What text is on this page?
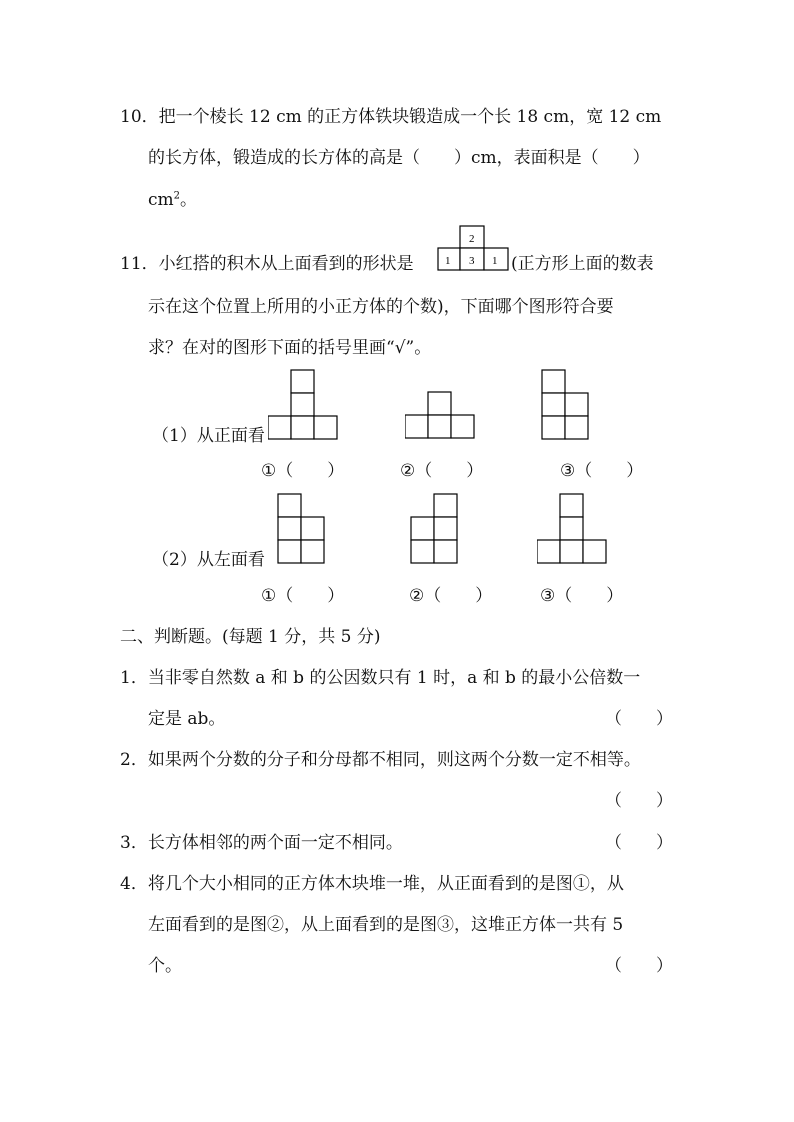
10．把一个棱长 12 cm 的正方体铁块锻造成一个长 18 cm，宽 12 cm
的长方体，锻造成的长方体的高是（　　）cm，表面积是（　　）
$cm^2$。
11．小红搭的积木从上面看到的形状是
2
1 3 1 (正方形上面的数表
示在这个位置上所用的小正方体的个数)，下面哪个图形符合要
求？在对的图形下面的括号里画“√”。
（1）从正面看
①（　　）	②（　　）	③（　　）
（2）从左面看
①（　　）	②（　　）	③（　　）
二、判断题。(每题 1 分，共 5 分)
1．当非零自然数 a 和 b 的公因数只有 1 时，a 和 b 的最小公倍数一
定是 ab。	（　　）
2．如果两个分数的分子和分母都不相同，则这两个分数一定不相等。
（　　）
3．长方体相邻的两个面一定不相同。	（　　）
4．将几个大小相同的正方体木块堆一堆，从正面看到的是图①，从
左面看到的是图②，从上面看到的是图③，这堆正方体一共有 5
个。	（　　）
